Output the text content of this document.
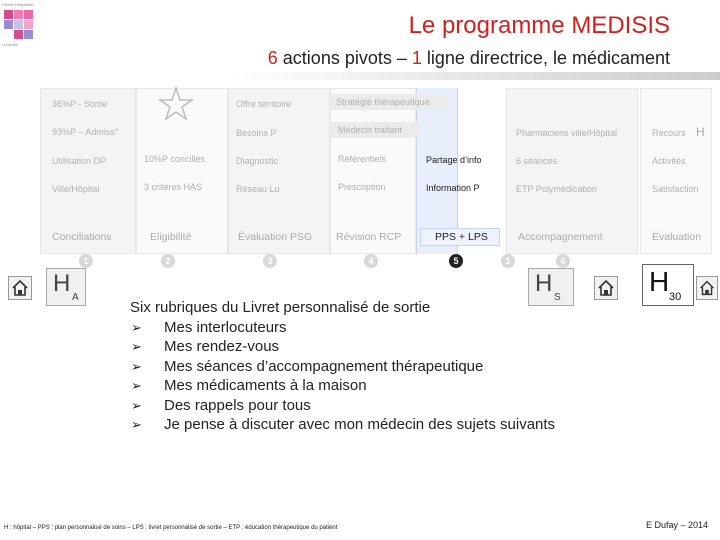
Centre Hospitalier
Lunéville
Le programme MEDISIS
6 actions pivots – 1 ligne directrice, le médicament
36%P - Sortie
93%P – Admiss°
Utilisation DP
Ville/Hôpital
10%P conciliés
3 critères HAS
Offre territoire
Besoins P
Diagnostic
Réseau Lu
Stratégie thérapeutique
Médecin traitant
Référentiels
Prescription
Partage d’info
Information P
Pharmaciens ville/Hôpital
6 séances
ETP Polymédication
Recours H
Activités
Satisfaction
Conciliations	Eligibilité	Évaluation PSG Révision RCP	PPS + LPS	Accompagnement	Évaluation
1	2	3	4	5	1	6
H
A
H
S
H 30
Six rubriques du Livret personnalisé de sortie
➢ Mes interlocuteurs
➢ Mes rendez-vous
➢ Mes séances d’accompagnement thérapeutique
➢ Mes médicaments à la maison
➢ Des rappels pour tous
➢ Je pense à discuter avec mon médecin des sujets suivants
H : hôpital – PPS : plan personnalisé de soins – LPS : livret personnalisé de sortie – ETP : éducation thérapeutique du patient	E Dufay – 2014
